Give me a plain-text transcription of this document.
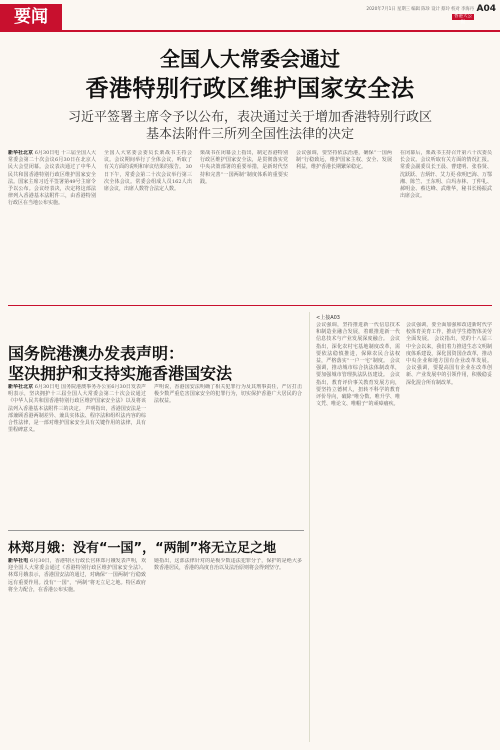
要闻	2020年7月1日 星期三 编辑 陈珍 设计 蔡玲 校对 李海丹
香港大公报
A04
全国人大常委会通过
香港特别行政区维护国家安全法
习近平签署主席令予以公布，表决通过关于增加香港特别行政区
基本法附件三所列全国性法律的决定
新华社北京 6月30日电 十三届全国人大常委会第二十次会议6月30日在北京人民大会堂闭幕。会议表决通过了中华人民共和国香港特别行政区维护国家安全法。国家主席习近平签署第49号主席令予以公布。会议经表决，决定将这部法律列入香港基本法附件三，由香港特别行政区在当地公布实施。
全国人大常委会委员长栗战书主持会议。会议期间举行了全体会议，听取了有关方面的说明和审议结果的报告。 30日下午，常委会第二十次会议举行第三次全体会议。常委会组成人员162人出席会议，出席人数符合法定人数。
栗战书在闭幕会上指出，制定香港特别行政区维护国家安全法，是贯彻落实党中央决策部署的重要举措，是新时代坚持和完善“一国两制”制度体系的重要实践。
会议强调，要坚持依法治港，确保“一国两制”行稳致远，维护国家主权、安全、发展利益，维护香港长期繁荣稳定。
在闭幕后，栗战书主持召开第六十次委员长会议。会议听取有关方面的情况汇报。常委会副委员长王晨、曹建明、张春贤、沈跃跃、吉炳轩、艾力更·依明巴海、万鄂湘、陈竺、王东明、白玛赤林、丁仲礼、郝明金、蔡达峰、武维华，秘书长杨振武出席会议。
国务院港澳办发表声明：
坚决拥护和支持实施香港国安法
新华社北京 6月30日电 国务院港澳事务办公室6月30日发表声明表示，坚决拥护十三届全国人大常委会第二十次会议通过《中华人民共和国香港特别行政区维护国家安全法》以及将该法列入香港基本法附件三的决定。 声明指出，香港国安法是一部兼顾香港两制差异、兼具实体法、程序法和组织法内容的综合性法律，是一部对维护国家安全具有关键作用的法律，具有里程碑意义。
声明说，香港国安法明确了相关犯罪行为及其刑事责任，严厉打击极少数严重危害国家安全的犯罪行为，切实保护香港广大居民的合法权益。
林郑月娥：没有“一国”，“两制”将无立足之地
新华社电 6月30日，香港特区行政长官林郑月娥发表声明，欢迎全国人大常委会通过《香港特别行政区维护国家安全法》。 林郑月娥表示，香港国安法的通过，对确保“一国两制”行稳致远有重要作用。没有“一国”，“两制”将无立足之地。特区政府将全力配合，在香港公布实施。
她指出，这部法律针对的是极少数违法犯罪分子，保护的是绝大多数香港居民，香港的高度自治以及法治原则将会得到坚守。
<上接A03
会议强调，坚持推进新一代信息技术和制造业融合发展，着眼推进新一代信息技术与产业发展深度融合。 会议指出，深化农村宅基地制度改革，需要依法稳慎推进，保障农民合法权益，严格落实“一户一宅”制度。 会议强调，推动城市综合执法体制改革，要加强城市管理执法队伍建设。 会议指出，教育评价事关教育发展方向，要坚持立德树人，扭转不科学的教育评价导向，破除“唯分数、唯升学、唯文凭、唯论文、唯帽子”的顽瘴痼疾。
会议强调，要全面加强和改进新时代学校体育美育工作，推动学生德智体美劳全面发展。 会议指出，党的十八届三中全会以来，我们着力推进生态文明制度体系建设，深化国资国企改革，推动中央企业和地方国有企业改革发展。 会议强调，要提高国有企业在改革创新、产业发展中的引领作用，积极稳妥深化混合所有制改革。
